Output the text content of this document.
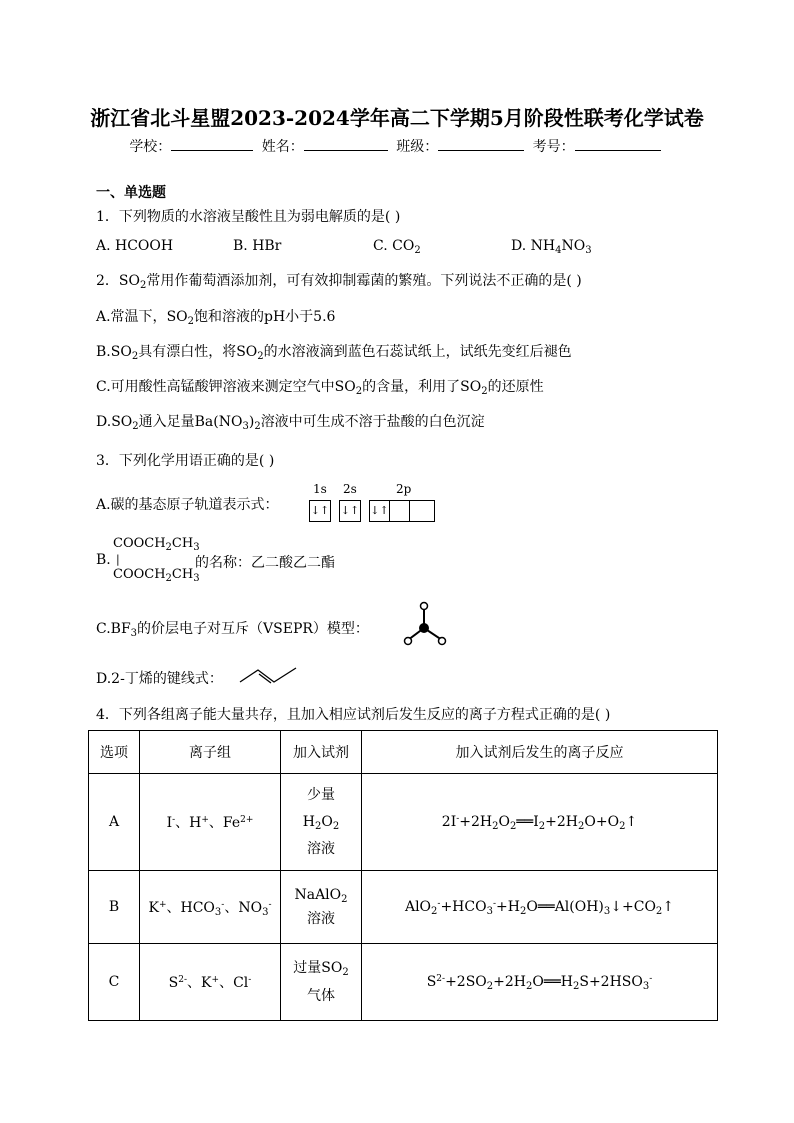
浙江省北斗星盟2023-2024学年高二下学期5月阶段性联考化学试卷
学校：	姓名：	班级：	考号：
一、单选题
1．下列物质的水溶液呈酸性且为弱电解质的是( )
A. HCOOH	B. HBr	C. $CO_2$	D. $NH_4NO_3$
2．$SO_2$常用作葡萄酒添加剂，可有效抑制霉菌的繁殖。下列说法不正确的是( )
A.常温下，$SO_2$饱和溶液的pH小于5.6
$B.SO_2$具有漂白性，将$SO_2$的水溶液滴到蓝色石蕊试纸上，试纸先变红后褪色
C.可用酸性高锰酸钾溶液来测定空气中$SO_2$的含量，利用了$SO_2$的还原性
$D.SO_2$通入足量$Ba(NO_3)_2$溶液中可生成不溶于盐酸的白色沉淀
3．下列化学用语正确的是( )
A.碳的基态原子轨道表示式：
1s 2s	2p
↓↑ ↓↑ ↓↑
B.
$COOCH_2CH_3$
|
$COOCH_2CH_3$
的名称：乙二酸乙二酯
$C.BF_3$的价层电子对互斥（VSEPR）模型：
D.2-丁烯的键线式：
4．下列各组离子能大量共存，且加入相应试剂后发生反应的离子方程式正确的是( )
选项	离子组	加入试剂	加入试剂后发生的离子反应
A	I-、H+、$Fe^{2+}$	少量
$H_2O_2$
溶液	$2I^-+2H_2O_2══I_2+2H_2O+O_2↑$
B	K+、$HCO_3^-$、$NO_3^-$	NaAlO$_2$
溶液	$AlO_2^-+HCO_3^-+H_2O══Al(OH)_3↓+CO_2↑$
C	$S^{2-}$、K+、Cl-	过量$SO_2$
气体	$S^{2-}+2SO_2+2H_2O══H_2S+2HSO_3^-$
